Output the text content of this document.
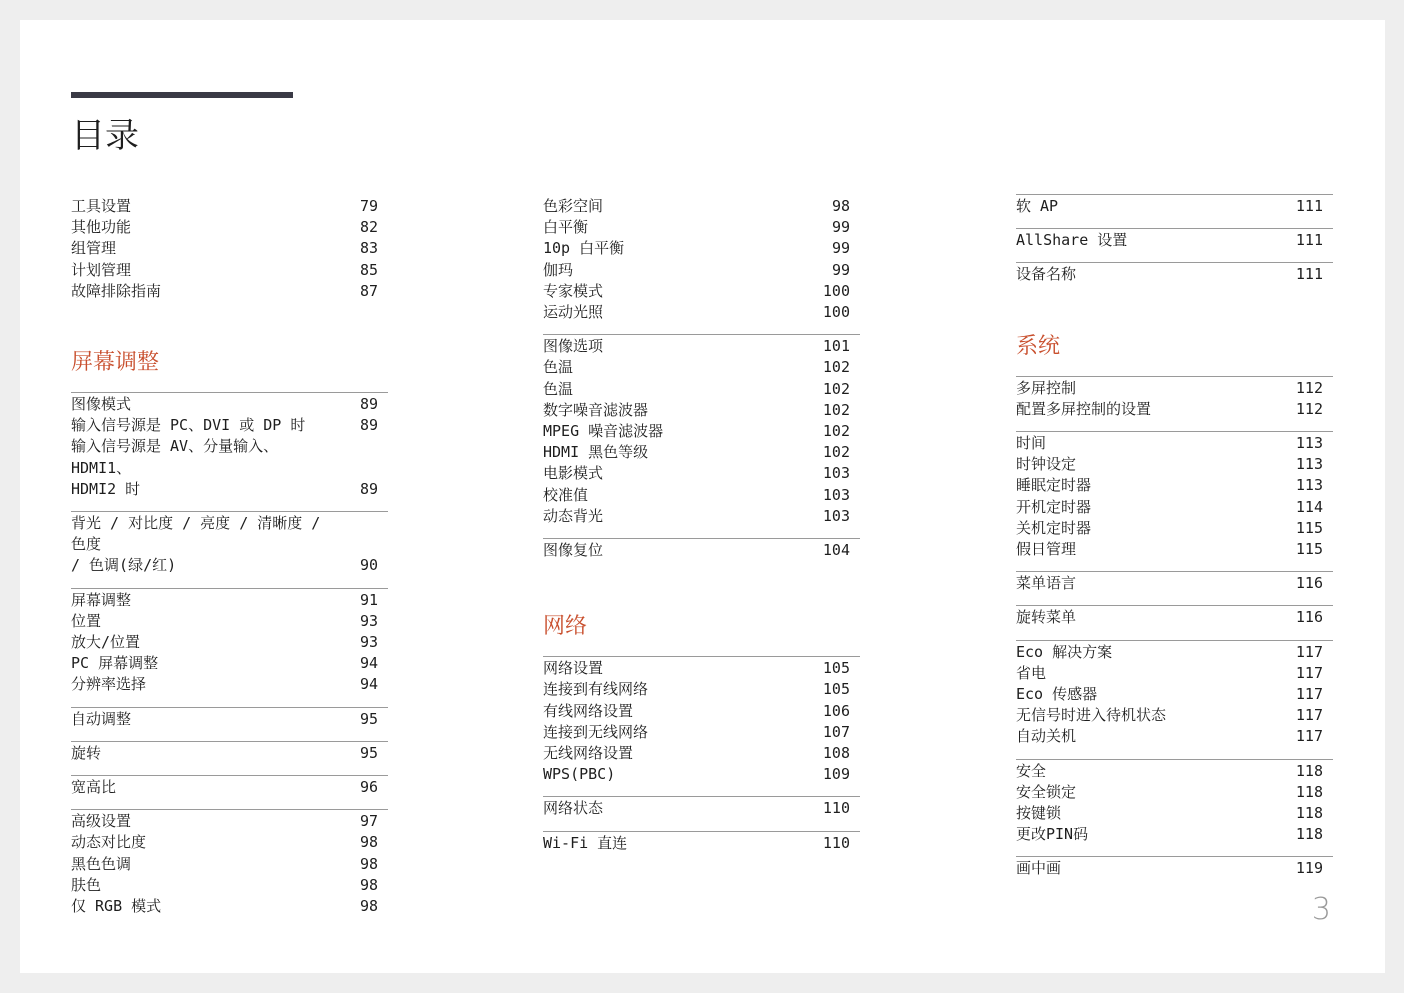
目录
工具设置	79
其他功能	82
组管理	83
计划管理	85
故障排除指南	87
屏幕调整
图像模式	89
输入信号源是 PC、DVI 或 DP 时	89
输入信号源是 AV、分量输入、HDMI1、
HDMI2 时	89
背光 / 对比度 / 亮度 / 清晰度 / 色度
/ 色调(绿/红)	90
屏幕调整	91
位置	93
放大/位置	93
PC 屏幕调整	94
分辨率选择	94
自动调整	95
旋转	95
宽高比	96
高级设置	97
动态对比度	98
黑色色调	98
肤色	98
仅 RGB 模式	98
色彩空间	98
白平衡	99
10p 白平衡	99
伽玛	99
专家模式	100
运动光照	100
图像选项	101
色温	102
色温	102
数字噪音滤波器	102
MPEG 噪音滤波器	102
HDMI 黑色等级	102
电影模式	103
校准值	103
动态背光	103
图像复位	104
网络
网络设置	105
连接到有线网络	105
有线网络设置	106
连接到无线网络	107
无线网络设置	108
WPS(PBC)	109
网络状态	110
Wi-Fi 直连	110
软 AP	111
AllShare 设置	111
设备名称	111
系统
多屏控制	112
配置多屏控制的设置	112
时间	113
时钟设定	113
睡眠定时器	113
开机定时器	114
关机定时器	115
假日管理	115
菜单语言	116
旋转菜单	116
Eco 解决方案	117
省电	117
Eco 传感器	117
无信号时进入待机状态	117
自动关机	117
安全	118
安全锁定	118
按键锁	118
更改PIN码	118
画中画	119
3
